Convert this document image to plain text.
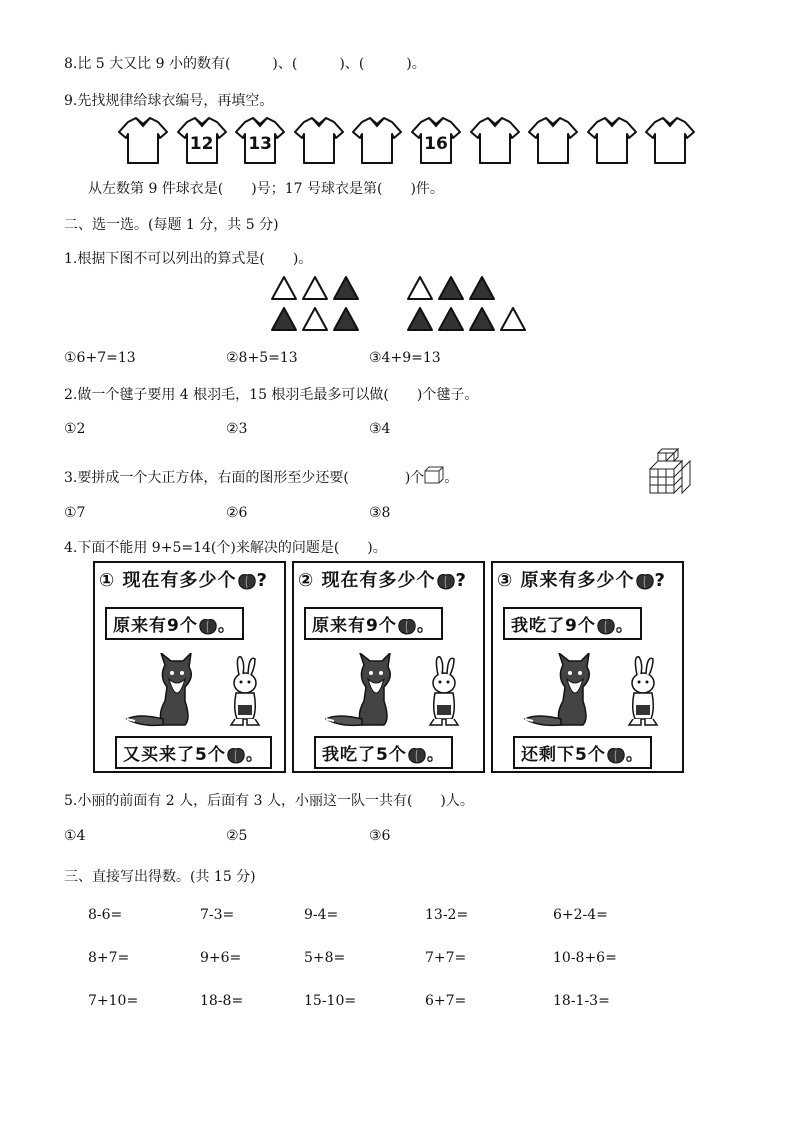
8.比 5 大又比 9 小的数有(　　　)、(　　　)、(　　　)。
9.先找规律给球衣编号，再填空。
12	13	16
从左数第 9 件球衣是(　　)号；17 号球衣是第(　　)件。
二、选一选。(每题 1 分，共 5 分)
1.根据下图不可以列出的算式是(　　)。
①6+7=13	②8+5=13	③4+9=13
2.做一个毽子要用 4 根羽毛，15 根羽毛最多可以做(　　)个毽子。
①2	②3	③4
3.要拼成一个大正方体，右面的图形至少还要(　　　　)个 。
①7	②6	③8
4.下面不能用 9+5=14(个)来解决的问题是(　　)。
① 现在有多少个 ?
原来有9个 。
又买来了5个 。
② 现在有多少个 ?
原来有9个 。
我吃了5个 。
③ 原来有多少个 ?
我吃了9个 。
还剩下5个 。
5.小丽的前面有 2 人，后面有 3 人，小丽这一队一共有(　　)人。
①4	②5	③6
三、直接写出得数。(共 15 分)
8-6=	7-3=	9-4=	13-2=	6+2-4=
8+7=	9+6=	5+8=	7+7=	10-8+6=
7+10=	18-8=	15-10=	6+7=	18-1-3=
